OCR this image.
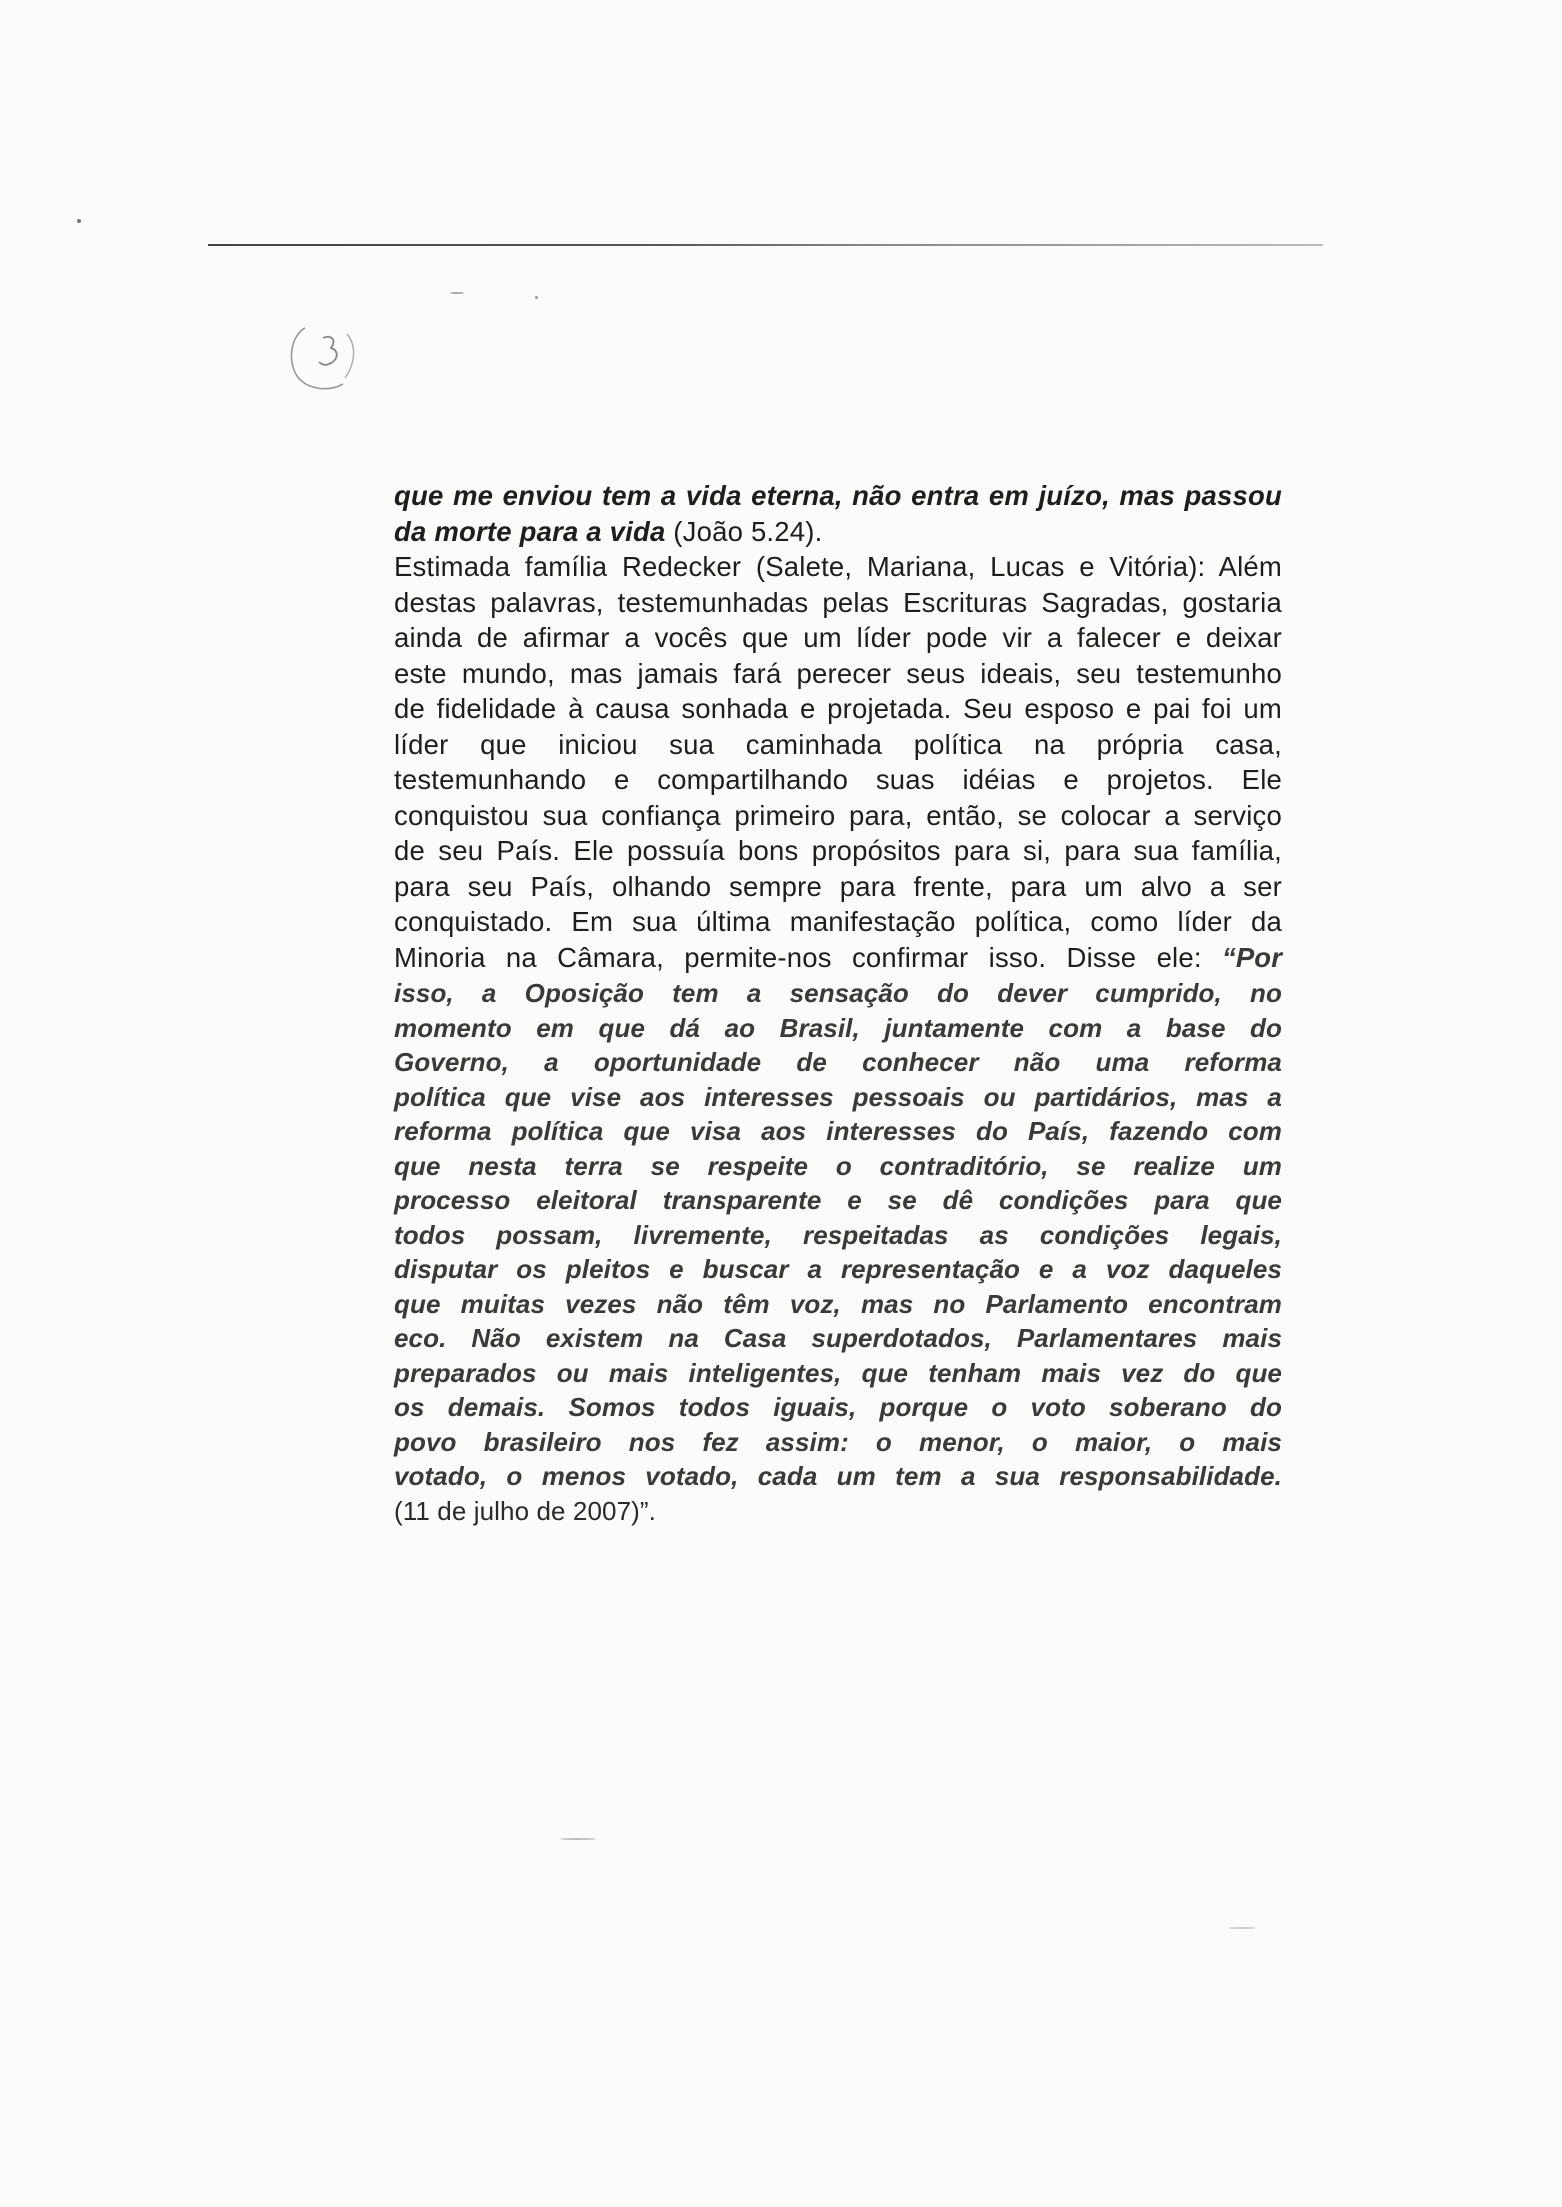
que me enviou tem a vida eterna, não entra em juízo, mas passou
da morte para a vida (João 5.24).
Estimada família Redecker (Salete, Mariana, Lucas e Vitória): Além
destas palavras, testemunhadas pelas Escrituras Sagradas, gostaria
ainda de afirmar a vocês que um líder pode vir a falecer e deixar
este mundo, mas jamais fará perecer seus ideais, seu testemunho
de fidelidade à causa sonhada e projetada. Seu esposo e pai foi um
líder que iniciou sua caminhada política na própria casa,
testemunhando e compartilhando suas idéias e projetos. Ele
conquistou sua confiança primeiro para, então, se colocar a serviço
de seu País. Ele possuía bons propósitos para si, para sua família,
para seu País, olhando sempre para frente, para um alvo a ser
conquistado. Em sua última manifestação política, como líder da
Minoria na Câmara, permite-nos confirmar isso. Disse ele: “Por
isso, a Oposição tem a sensação do dever cumprido, no
momento em que dá ao Brasil, juntamente com a base do
Governo, a oportunidade de conhecer não uma reforma
política que vise aos interesses pessoais ou partidários, mas a
reforma política que visa aos interesses do País, fazendo com
que nesta terra se respeite o contraditório, se realize um
processo eleitoral transparente e se dê condições para que
todos possam, livremente, respeitadas as condições legais,
disputar os pleitos e buscar a representação e a voz daqueles
que muitas vezes não têm voz, mas no Parlamento encontram
eco. Não existem na Casa superdotados, Parlamentares mais
preparados ou mais inteligentes, que tenham mais vez do que
os demais. Somos todos iguais, porque o voto soberano do
povo brasileiro nos fez assim: o menor, o maior, o mais
votado, o menos votado, cada um tem a sua responsabilidade.
(11 de julho de 2007)”.
